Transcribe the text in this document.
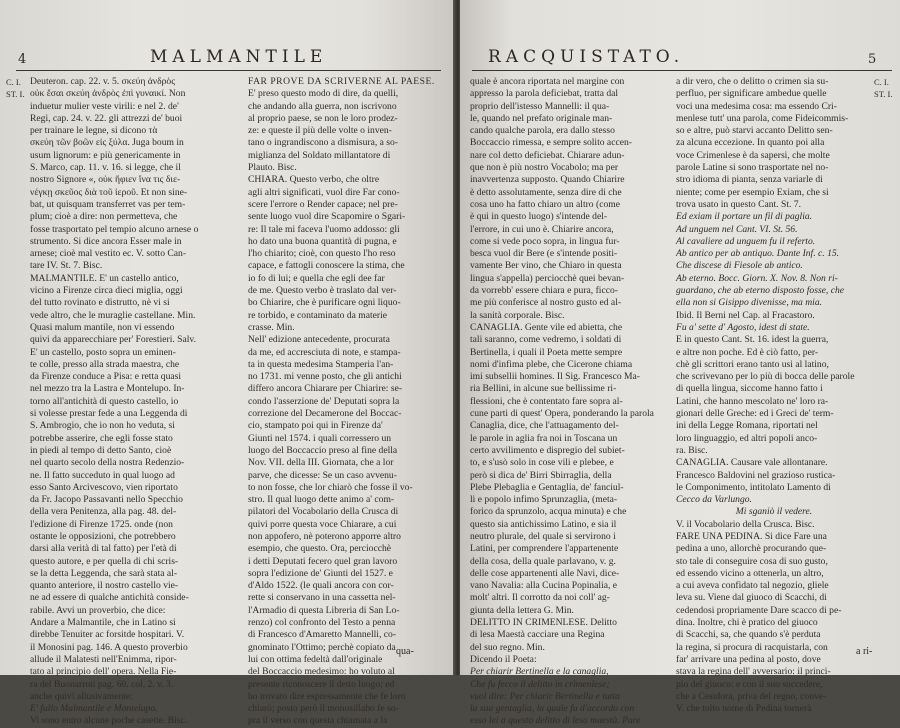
4	MALMANTILE
C. I.
ST. I.
Deuteron. cap. 22. v. 5. σκεύη ἀνδρὸς
οὐκ ἔσαι σκεύη ἀνδρὸς ἐπὶ γυναικί. Non
induetur mulier veste virili: e nel 2. de'
Regi, cap. 24. v. 22. gli attrezzi de' buoi
per trainare le legne, si dicono τὰ
σκεύη τῶν βοῶν εἰς ξύλα. Juga boum in
usum lignorum: e più genericamente in
S. Marco, cap. 11. v. 16. si legge, che il
nostro Signore «, οὐκ ἤφιεν ἵνα τις διε-
νέγκῃ σκεῦος διὰ τοῦ ἱεροῦ. Et non sine-
bat, ut quisquam transferret vas per tem-
plum; cioè a dire: non permetteva, che
fosse trasportato pel tempio alcuno arnese o
strumento. Si dice ancora Esser male in
arnese; cioè mal vestito ec. V. sotto Can-
tare IV. St. 7. Bisc.
MALMANTILE. E' un castello antico,
vicino a Firenze circa dieci miglia, oggi
del tutto rovinato e distrutto, nè vi si
vede altro, che le muraglie castellane. Min.
Quasi malum mantile, non vi essendo
quivi da apparecchiare per' Forestieri. Salv.
E' un castello, posto sopra un eminen-
te colle, presso alla strada maestra, che
da Firenze conduce a Pisa: e retta quasi
nel mezzo tra la Lastra e Montelupo. In-
torno all'antichità di questo castello, io
si volesse prestar fede a una Leggenda di
S. Ambrogio, che io non ho veduta, si
potrebbe asserire, che egli fosse stato
in piedi al tempo di detto Santo, cioè
nel quarto secolo della nostra Redenzio-
ne. Il fatto succeduto in qual luogo ad
esso Santo Arcivescovo, vien riportato
da Fr. Jacopo Passavanti nello Specchio
della vera Penitenza, alla pag. 48. del-
l'edizione di Firenze 1725. onde (non
ostante le opposizioni, che potrebbero
darsi alla verità di tal fatto) per l'età di
questo autore, e per quella di chi scris-
se la detta Leggenda, che sarà stata al-
quanto anteriore, il nostro castello vie-
ne ad essere di qualche antichità conside-
rabile. Avvi un proverbio, che dice:
Andare a Malmantile, che in Latino si
direbbe Tenuiter ac forsitde hospitari. V.
il Monosini pag. 146. A questo proverbio
allude il Malatesti nell'Enimma, ripor-
tato al principio dell' opera. Nella Fie-
ra del Buonarroti pag. 60. col. 2. v. 3.
anche quivi allusivamente:
E' fallo Malmantile e Montelupo.
Vi sono entro alcune poche casette. Bisc.
FAR PROVE DA SCRIVERNE AL PAESE.
E' preso questo modo di dire, da quelli,
che andando alla guerra, non iscrivono
al proprio paese, se non le loro prodez-
ze: e queste il più delle volte o inven-
tano o ingrandiscono a dismisura, a so-
miglianza del Soldato millantatore di
Plauto. Bisc.
CHIARA. Questo verbo, che oltre
agli altri significati, vuol dire Far cono-
scere l'errore o Render capace; nel pre-
sente luogo vuol dire Scapomire o Sgari-
re: Il tale mi faceva l'uomo addosso: gli
ho dato una buona quantità di pugna, e
l'ho chiarito; cioè, con questo l'ho reso
capace, e fattogli conoscere la stima, che
io fo di lui; e quella che egli dee far
de me. Questo verbo è traslato dal ver-
bo Chiarire, che è purificare ogni liquo-
re torbido, e contaminato da materie
crasse. Min.
Nell' edizione antecedente, procurata
da me, ed accresciuta di note, e stampa-
ta in questa medesima Stamperia l'an-
no 1731. mi venne posto, che gli antichi
differo ancora Chiarare per Chiarire: se-
condo l'asserzione de' Deputati sopra la
correzione del Decamerone del Boccac-
cio, stampato poi qui in Firenze da'
Giunti nel 1574. i quali corressero un
luogo del Boccaccio preso al fine della
Nov. VII. della III. Giornata, che a lor
parve, che dicesse: Se un caso avvenu-
to non fosse, che lor chiarò che fosse il vo-
stro. Il qual luogo dette animo a' com-
pilatori del Vocabolario della Crusca di
quivi porre questa voce Chiarare, a cui
non appofero, nè poterono apporre altro
esempio, che questo. Ora, perciocchè
i detti Deputati fecero quel gran lavoro
sopra l'edizione de' Giunti del 1527. e
d'Aldo 1522. (le quali ancora con cor-
rette si conservano in una cassetta nel-
l'Armadio di questa Libreria di San Lo-
renzo) col confronto del Testo a penna
di Francesco d'Amaretto Mannelli, co-
gnominato l'Ottimo; perchè copiato da
lui con ottima fedeltà dall'originale
del Boccaccio medesimo: ho voluto al
presente riconoscere il detto luogo; ed
ho trovato dire espressamente che fe loro
chiarò; posto però il monosillabo fe so-
pra il verso con questa chiamata a la
qua-
RACQUISTATO.	5
quale è ancora riportata nel margine con
appresso la parola deficiebat, tratta dal
proprio dell'istesso Mannelli: il qua-
le, quando nel prefato originale man-
cando qualche parola, era dallo stesso
Boccaccio rimessa, e sempre solito accen-
nare col detto deficiebat. Chiarare adun-
que non è più nostro Vocabolo; ma per
inavvertenza supposto. Quando Chiarire
è detto assolutamente, senza dire di che
cosa uno ha fatto chiaro un altro (come
è qui in questo luogo) s'intende del-
l'errore, in cui uno è. Chiarire ancora,
come si vede poco sopra, in lingua fur-
besca vuol dir Bere (e s'intende positi-
vamente Ber vino, che Chiaro in questa
lingua s'appella) perciocchè quei bevan-
da vorrebb' essere chiara e pura, ficco-
me più conferisce al nostro gusto ed al-
la sanità corporale. Bisc.
CANAGLIA. Gente vile ed abietta, che
tali saranno, come vedremo, i soldati di
Bertinella, i quali il Poeta mette sempre
nomi d'infima plebe, che Cicerone chiama
imi subsellii homines. Il Sig. Francesco Ma-
ria Bellini, in alcune sue bellissime ri-
flessioni, che è contentato fare sopra al-
cune parti di quest' Opera, ponderando la parola
Canaglia, dice, che l'attuagamento del-
le parole in aglia fra noi in Toscana un
certo avvilimento e dispregio del subiet-
to, e s'usò solo in cose vili e plebee, e
però si dica de' Birri Sbirraglia, della
Plebe Plebaglia e Gentaglia, de' fanciul-
li e popolo infimo Sprunzaglia, (meta-
forico da sprunzolo, acqua minuta) e che
questo sia antichissimo Latino, e sia il
neutro plurale, del quale si servirono i
Latini, per comprendere l'appartenente
della cosa, della quale parlavano, v. g.
delle cose appartenenti alle Navi, dice-
vano Navalia: alla Cucina Popinalia, e
molt' altri. Il corrotto da noi coll' ag-
giunta della lettera G. Min.
DELITTO IN CRIMENLESE. Delitto
di lesa Maestà cacciare una Regina
del suo regno. Min.
Dicendo il Poeta:
Per chiarir Bertinella e la canaglia,
Che fu fecco il delitto in crimenlese;
vuol dire: Per chiarir Bertinella e tutta
la sua gentaglia, la quale fu d'accordo con
esso lei a questo delitto di lesa maestà. Pare
a dir vero, che o delitto o crimen sia su-
perfluo, per significare ambedue quelle
voci una medesima cosa: ma essendo Cri-
menlese tutt' una parola, come Fideicommis-
so e altre, può starvi accanto Delitto sen-
za alcuna eccezione. In quanto poi alla
voce Crimenlese è da sapersi, che molte
parole Latine si sono trasportate nel no-
stro idioma di pianta, senza variarle di
niente; come per esempio Exiam, che si
trova usato in questo Cant. St. 7.
Ed exiam il portare un fil di paglia.
Ad unguem nel Cant. VI. St. 56.
Al cavaliere ad unguem fu il referto.
Ab antico per ab antiquo. Dante Inf. c. 15.
Che discese di Fiesole ab antico.
Ab eterno. Bocc. Giorn. X. Nov. 8. Non ri-
guardano, che ab eterno disposto fosse, che
ella non si Gisippo divenisse, ma mia.
Ibid. Il Berni nel Cap. al Fracastoro.
Fu a' sette d' Agosto, idest di state.
E in questo Cant. St. 16. idest la guerra,
e altre non poche. Ed è ciò fatto, per-
chè gli scrittori erano tanto usi al latino,
che scrivevano per lo più di bocca delle parole
di quella lingua, siccome hanno fatto i
Latini, che hanno mescolato ne' loro ra-
gionari delle Greche: ed i Greci de' term-
ini della Legge Romana, riportati nel
loro linguaggio, ed altri popoli anco-
ra. Bisc.
CANAGLIA. Causare vale allontanare.
Francesco Baldovini nel grazioso rustica-
le Componimento, intitolato Lamento di
Cecco da Varlungo.
Mi sganiò il vedere.
V. il Vocabolario della Crusca. Bisc.
FARE UNA PEDINA. Si dice Fare una
pedina a uno, allorchè procurando que-
sto tale di conseguire cosa di suo gusto,
ed essendo vicino a ottenerla, un altro,
a cui aveva confidato tal negozio, gliele
leva su. Viene dal giuoco di Scacchi, di
cedendosi propriamente Dare scacco di pe-
dina. Inoltre, chi è pratico del giuoco
di Scacchi, sa, che quando s'è perduta
la regina, si procura di racquistarla, con
far' arrivare una pedina al posto, dove
stava la regina dell' avversario: il princi-
pio del giuoco: e con il suo succedere,
che a Cesidora, priva del regno, conve-
V. che tolto nome di Pedina tornerà
C. I.
ST. I.
a ri-
